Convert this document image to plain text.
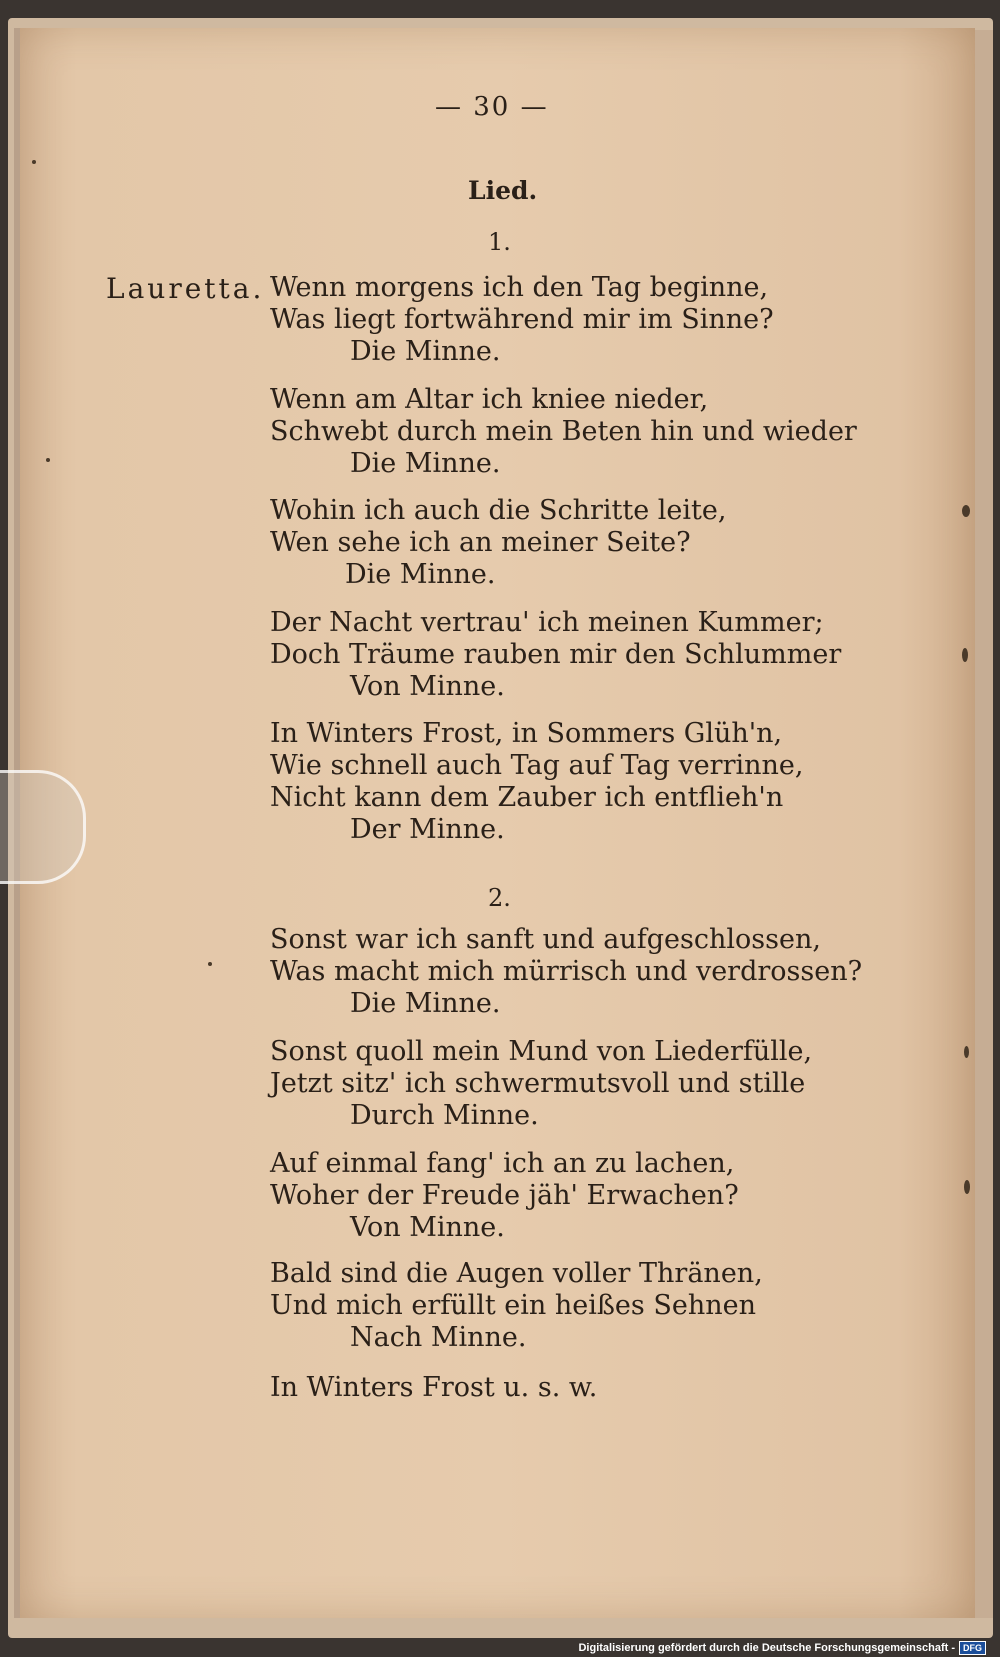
— 30 —
Lied.
1.
Lauretta. Wenn morgens ich den Tag beginne,
Was liegt fortwährend mir im Sinne?
Die Minne.
Wenn am Altar ich kniee nieder,
Schwebt durch mein Beten hin und wieder
Die Minne.
Wohin ich auch die Schritte leite,
Wen sehe ich an meiner Seite?
Die Minne.
Der Nacht vertrau' ich meinen Kummer;
Doch Träume rauben mir den Schlummer
Von Minne.
In Winters Frost, in Sommers Glüh'n,
Wie schnell auch Tag auf Tag verrinne,
Nicht kann dem Zauber ich entflieh'n
Der Minne.
2.
Sonst war ich sanft und aufgeschlossen,
Was macht mich mürrisch und verdrossen?
Die Minne.
Sonst quoll mein Mund von Liederfülle,
Jetzt sitz' ich schwermutsvoll und stille
Durch Minne.
Auf einmal fang' ich an zu lachen,
Woher der Freude jäh' Erwachen?
Von Minne.
Bald sind die Augen voller Thränen,
Und mich erfüllt ein heißes Sehnen
Nach Minne.
In Winters Frost u. s. w.
Digitalisierung gefördert durch die Deutsche Forschungsgemeinschaft - DFG
